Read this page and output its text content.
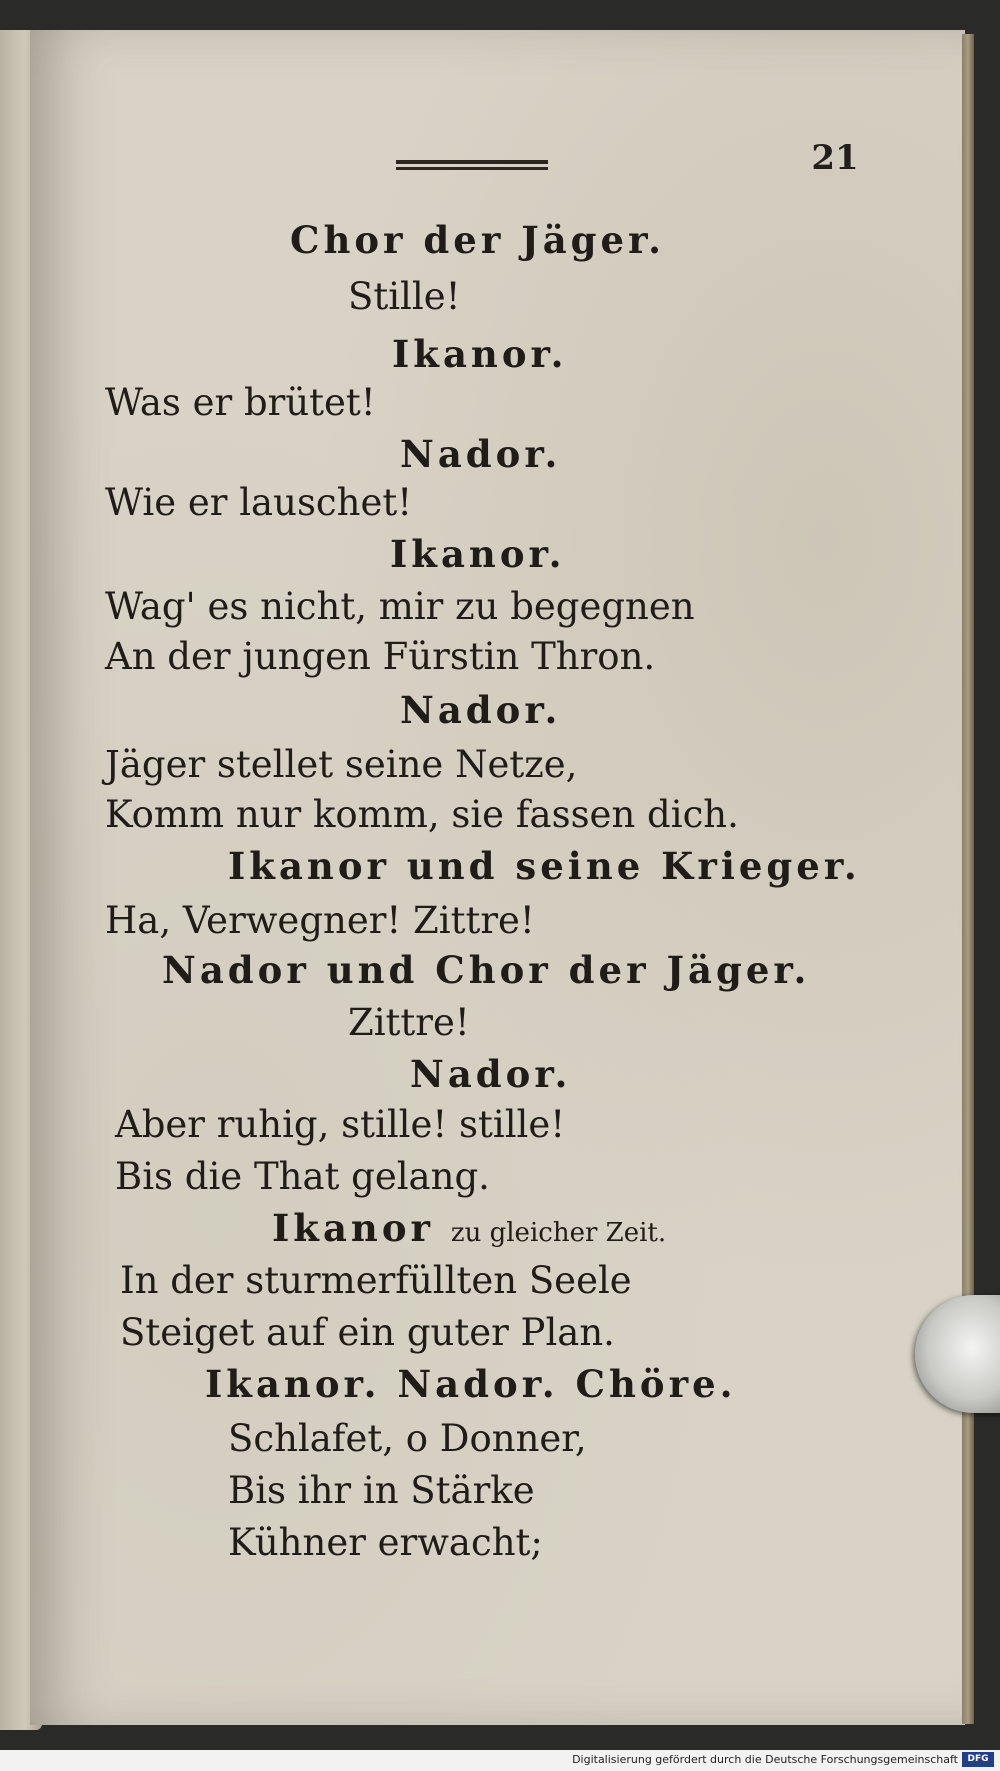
21
Chor der Jäger.
Stille!
Ikanor.
Was er brütet!
Nador.
Wie er lauschet!
Ikanor.
Wag' es nicht, mir zu begegnen
An der jungen Fürstin Thron.
Nador.
Jäger stellet seine Netze,
Komm nur komm, sie fassen dich.
Ikanor und seine Krieger.
Ha, Verwegner! Zittre!
Nador und Chor der Jäger.
Zittre!
Nador.
Aber ruhig, stille! stille!
Bis die That gelang.
Ikanor zu gleicher Zeit.
In der sturmerfüllten Seele
Steiget auf ein guter Plan.
Ikanor. Nador. Chöre.
Schlafet, o Donner,
Bis ihr in Stärke
Kühner erwacht;
Digitalisierung gefördert durch die Deutsche Forschungsgemeinschaft	DFG
